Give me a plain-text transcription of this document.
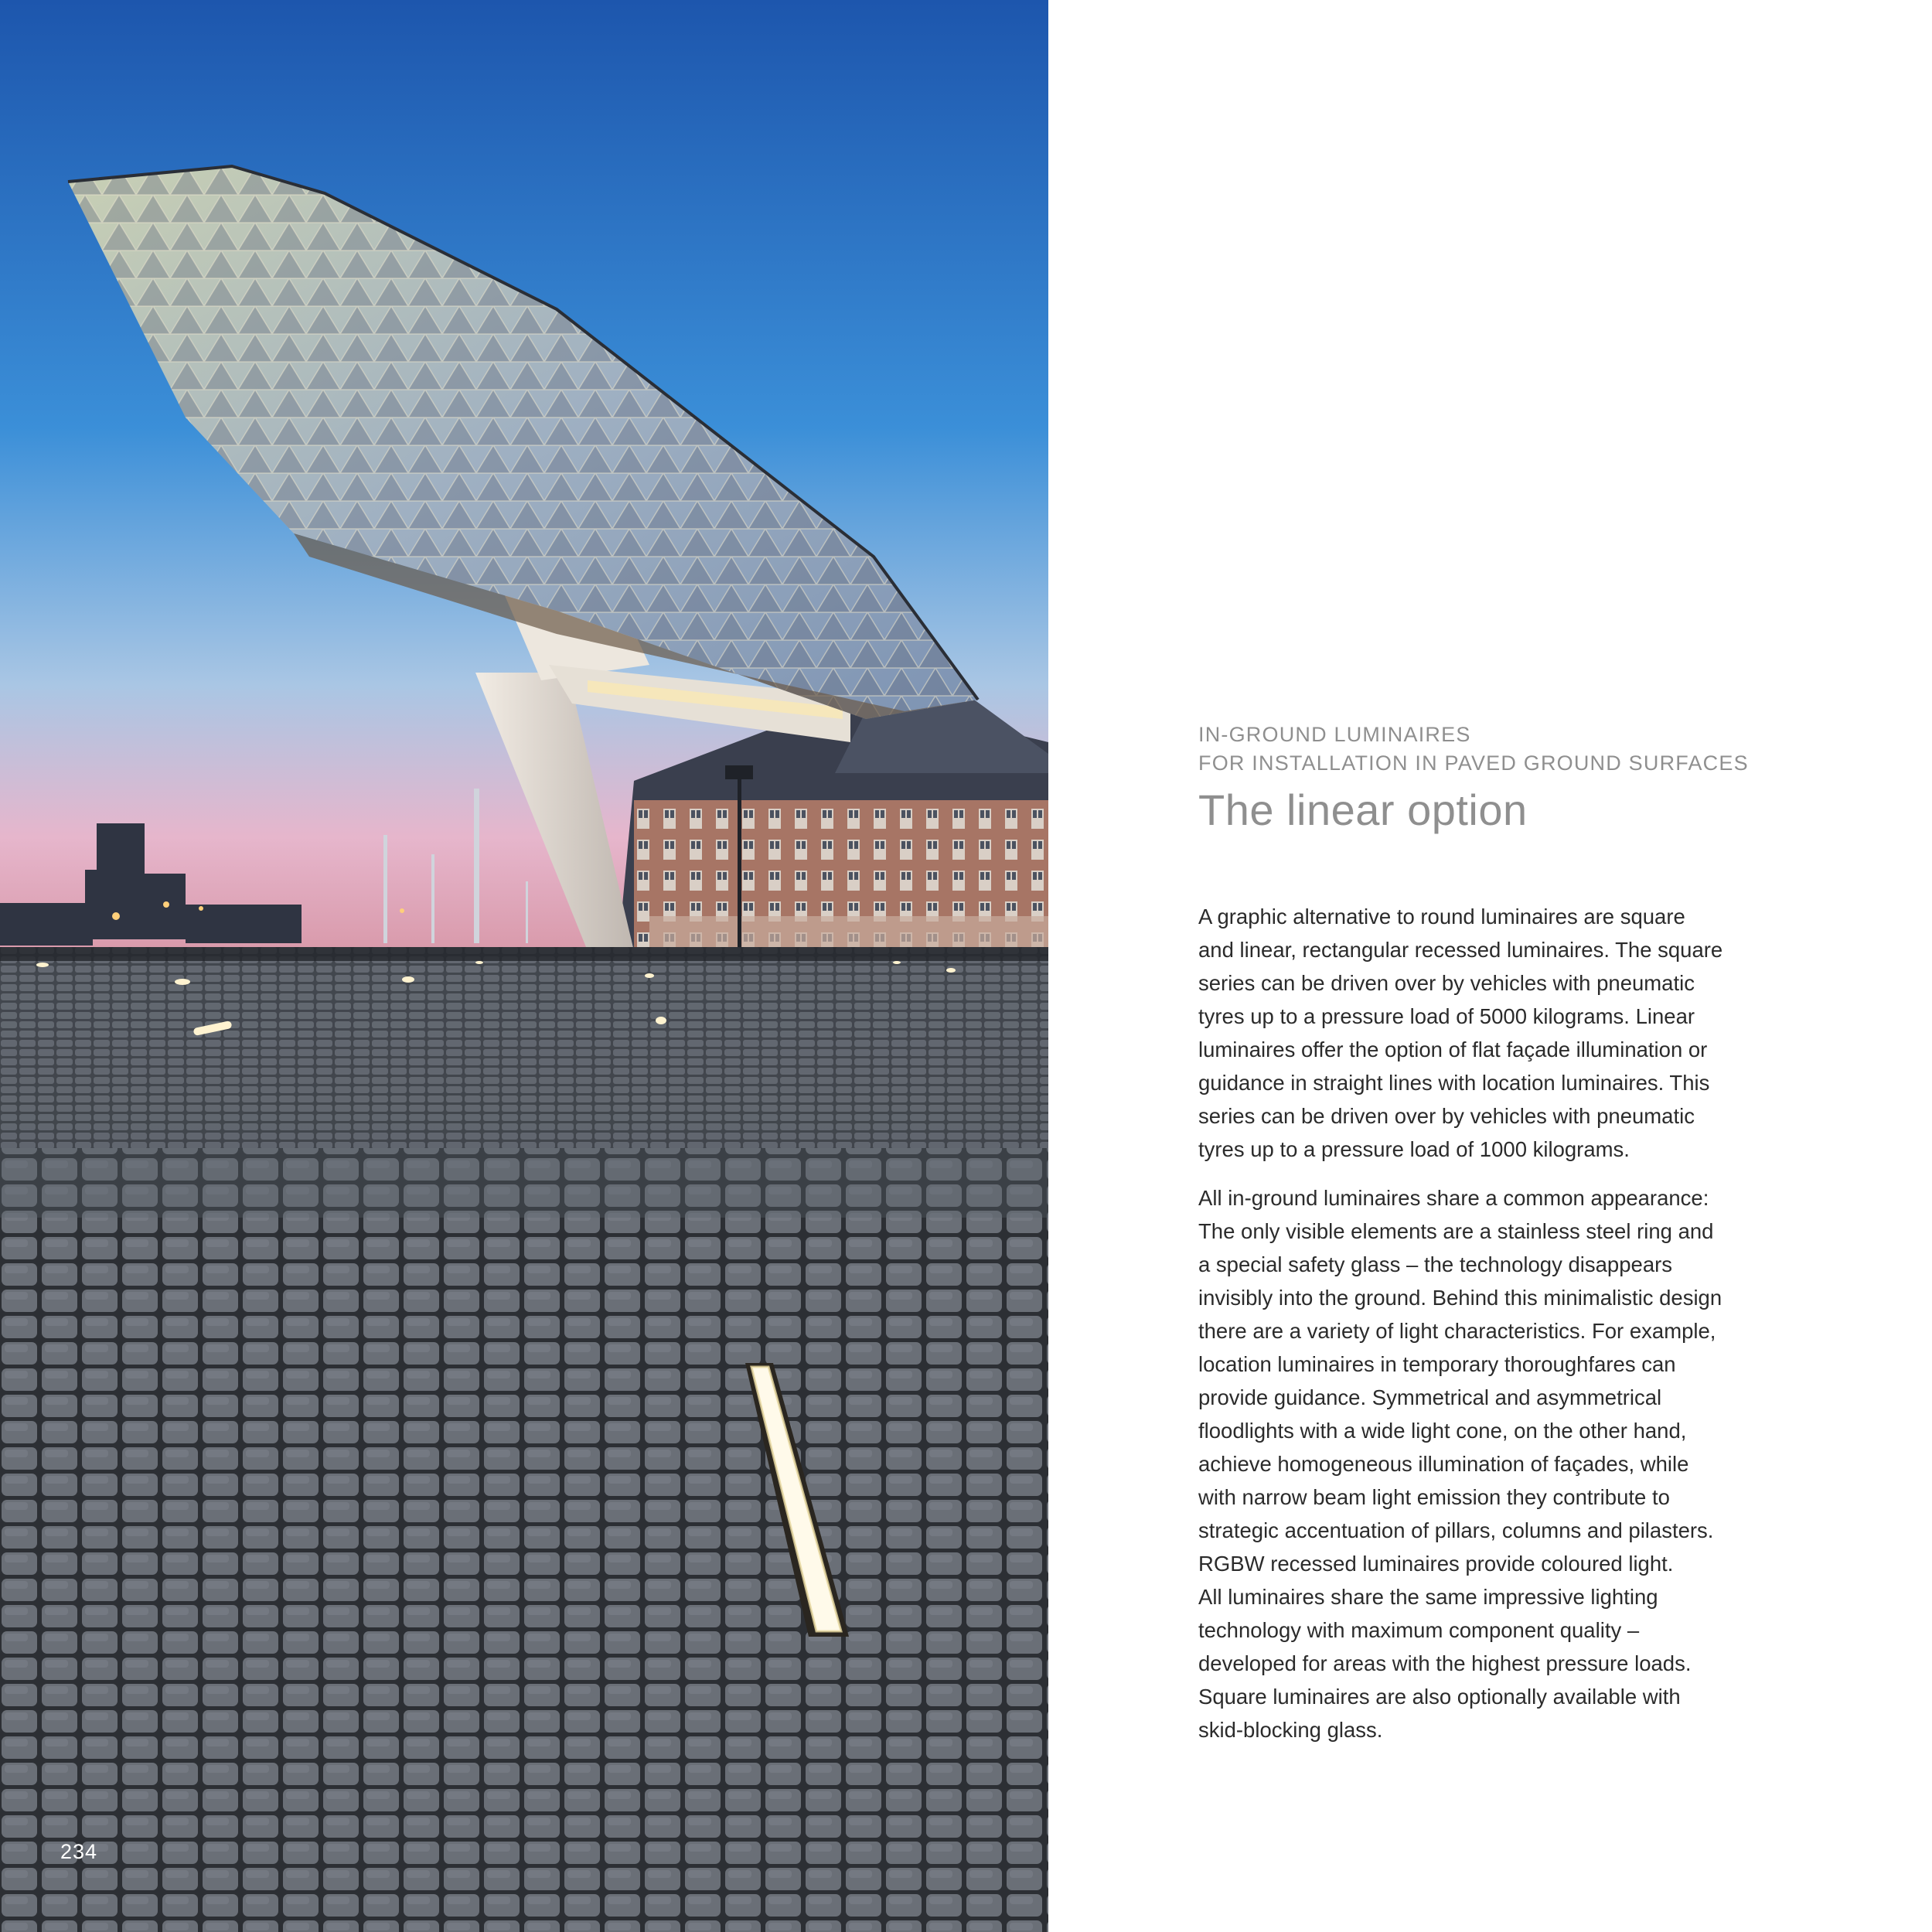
234

IN-GROUND LUMINAIRES
FOR INSTALLATION IN PAVED GROUND SURFACES

The linear option

A graphic alternative to round luminaires are square
and linear, rectangular recessed luminaires. The square
series can be driven over by vehicles with pneumatic
tyres up to a pressure load of 5000 kilograms. Linear
luminaires offer the option of flat façade illumination or
guidance in straight lines with location luminaires. This
series can be driven over by vehicles with pneumatic
tyres up to a pressure load of 1000 kilograms.

All in-ground luminaires share a common appearance:
The only visible elements are a stainless steel ring and
a special safety glass – the technology disappears
invisibly into the ground. Behind this minimalistic design
there are a variety of light characteristics. For example,
location luminaires in temporary thoroughfares can
provide guidance. Symmetrical and asymmetrical
floodlights with a wide light cone, on the other hand,
achieve homogeneous illumination of façades, while
with narrow beam light emission they contribute to
strategic accentuation of pillars, columns and pilasters.
RGBW recessed luminaires provide coloured light.
All luminaires share the same impressive lighting
technology with maximum component quality –
developed for areas with the highest pressure loads.
Square luminaires are also optionally available with
skid-blocking glass.
